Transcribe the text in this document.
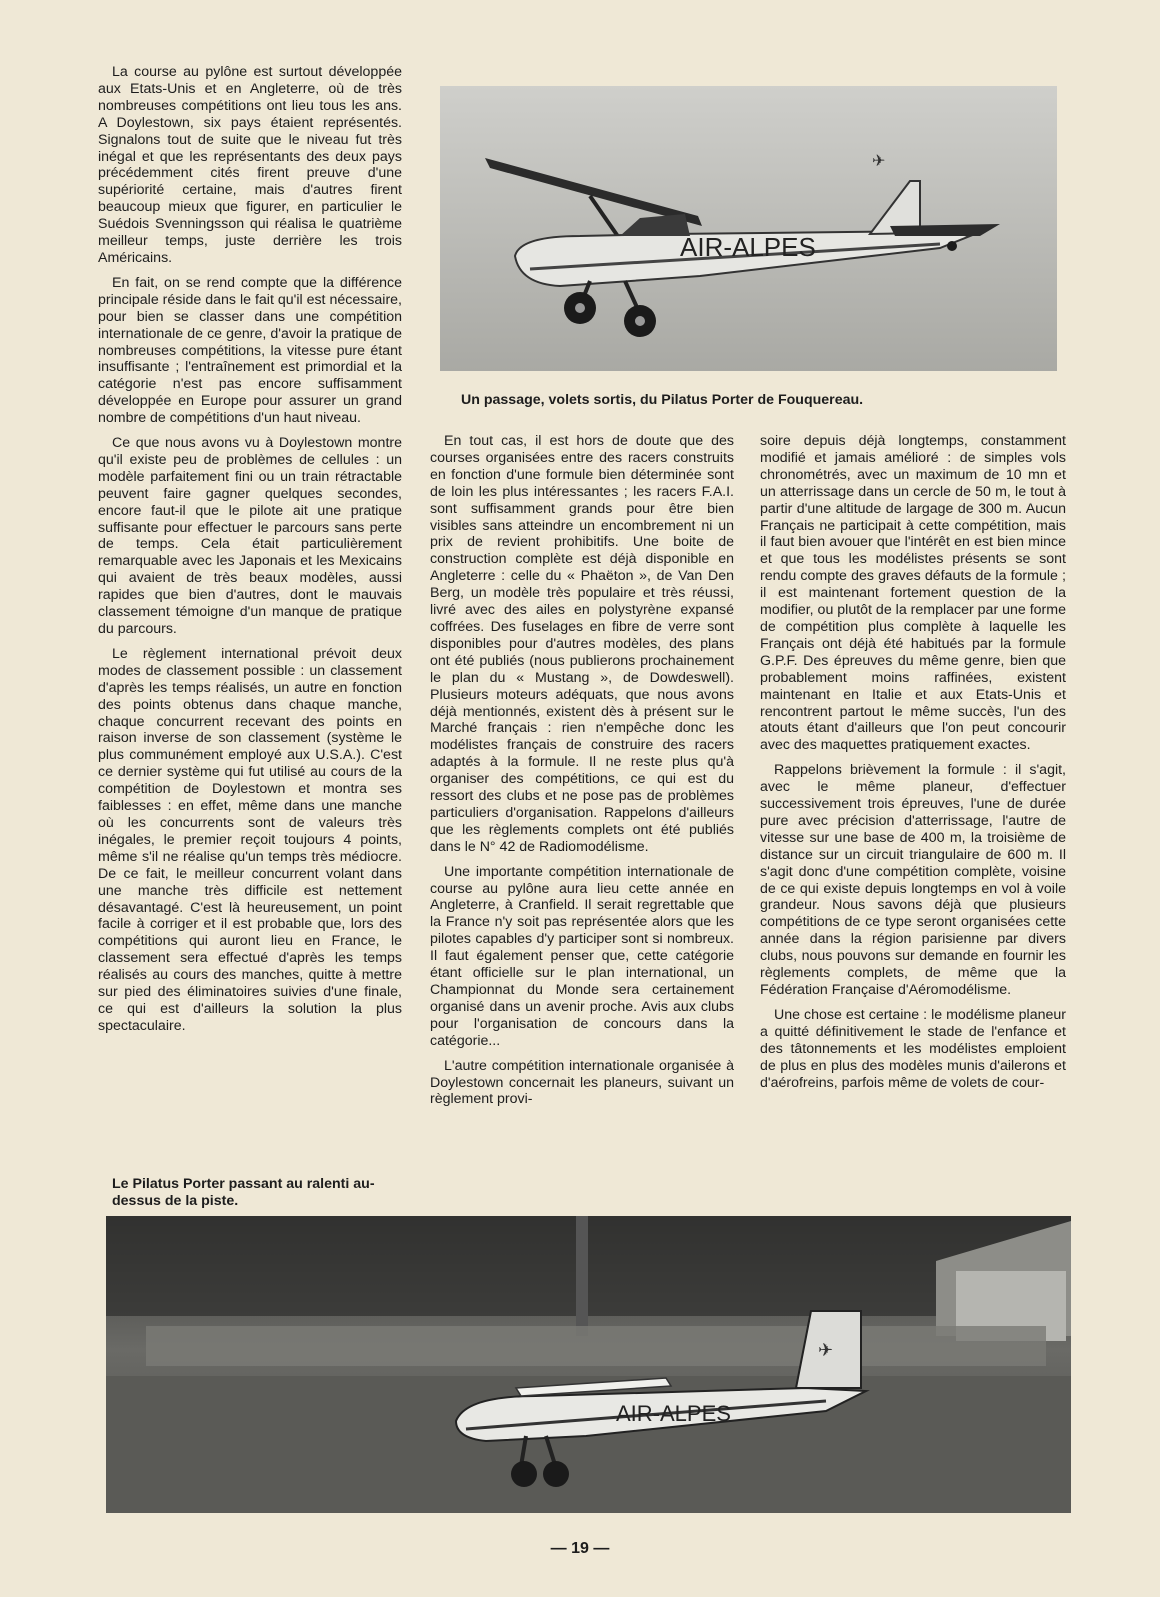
La course au pylône est surtout développée aux Etats-Unis et en Angleterre, où de très nombreuses compétitions ont lieu tous les ans. A Doylestown, six pays étaient représentés. Signalons tout de suite que le niveau fut très inégal et que les représentants des deux pays précédemment cités firent preuve d'une supériorité certaine, mais d'autres firent beaucoup mieux que figurer, en particulier le Suédois Svenningsson qui réalisa le quatrième meilleur temps, juste derrière les trois Américains.

En fait, on se rend compte que la différence principale réside dans le fait qu'il est nécessaire, pour bien se classer dans une compétition internationale de ce genre, d'avoir la pratique de nombreuses compétitions, la vitesse pure étant insuffisante ; l'entraînement est primordial et la catégorie n'est pas encore suffisamment développée en Europe pour assurer un grand nombre de compétitions d'un haut niveau.

Ce que nous avons vu à Doylestown montre qu'il existe peu de problèmes de cellules : un modèle parfaitement fini ou un train rétractable peuvent faire gagner quelques secondes, encore faut-il que le pilote ait une pratique suffisante pour effectuer le parcours sans perte de temps. Cela était particulièrement remarquable avec les Japonais et les Mexicains qui avaient de très beaux modèles, aussi rapides que bien d'autres, dont le mauvais classement témoigne d'un manque de pratique du parcours.

Le règlement international prévoit deux modes de classement possible : un classement d'après les temps réalisés, un autre en fonction des points obtenus dans chaque manche, chaque concurrent recevant des points en raison inverse de son classement (système le plus communément employé aux U.S.A.). C'est ce dernier système qui fut utilisé au cours de la compétition de Doylestown et montra ses faiblesses : en effet, même dans une manche où les concurrents sont de valeurs très inégales, le premier reçoit toujours 4 points, même s'il ne réalise qu'un temps très médiocre. De ce fait, le meilleur concurrent volant dans une manche très difficile est nettement désavantagé. C'est là heureusement, un point facile à corriger et il est probable que, lors des compétitions qui auront lieu en France, le classement sera effectué d'après les temps réalisés au cours des manches, quitte à mettre sur pied des éliminatoires suivies d'une finale, ce qui est d'ailleurs la solution la plus spectaculaire.

✈
AIR-ALPES

Un passage, volets sortis, du Pilatus Porter de Fouquereau.

En tout cas, il est hors de doute que des courses organisées entre des racers construits en fonction d'une formule bien déterminée sont de loin les plus intéressantes ; les racers F.A.I. sont suffisamment grands pour être bien visibles sans atteindre un encombrement ni un prix de revient prohibitifs. Une boite de construction complète est déjà disponible en Angleterre : celle du « Phaëton », de Van Den Berg, un modèle très populaire et très réussi, livré avec des ailes en polystyrène expansé coffrées. Des fuselages en fibre de verre sont disponibles pour d'autres modèles, des plans ont été publiés (nous publierons prochainement le plan du « Mustang », de Dowdeswell). Plusieurs moteurs adéquats, que nous avons déjà mentionnés, existent dès à présent sur le Marché français : rien n'empêche donc les modélistes français de construire des racers adaptés à la formule. Il ne reste plus qu'à organiser des compétitions, ce qui est du ressort des clubs et ne pose pas de problèmes particuliers d'organisation. Rappelons d'ailleurs que les règlements complets ont été publiés dans le N° 42 de Radiomodélisme.

Une importante compétition internationale de course au pylône aura lieu cette année en Angleterre, à Cranfield. Il serait regrettable que la France n'y soit pas représentée alors que les pilotes capables d'y participer sont si nombreux. Il faut également penser que, cette catégorie étant officielle sur le plan international, un Championnat du Monde sera certainement organisé dans un avenir proche. Avis aux clubs pour l'organisation de concours dans la catégorie...

L'autre compétition internationale organisée à Doylestown concernait les planeurs, suivant un règlement provi-

soire depuis déjà longtemps, constamment modifié et jamais amélioré : de simples vols chronométrés, avec un maximum de 10 mn et un atterrissage dans un cercle de 50 m, le tout à partir d'une altitude de largage de 300 m. Aucun Français ne participait à cette compétition, mais il faut bien avouer que l'intérêt en est bien mince et que tous les modélistes présents se sont rendu compte des graves défauts de la formule ; il est maintenant fortement question de la modifier, ou plutôt de la remplacer par une forme de compétition plus complète à laquelle les Français ont déjà été habitués par la formule G.P.F. Des épreuves du même genre, bien que probablement moins raffinées, existent maintenant en Italie et aux Etats-Unis et rencontrent partout le même succès, l'un des atouts étant d'ailleurs que l'on peut concourir avec des maquettes pratiquement exactes.

Rappelons brièvement la formule : il s'agit, avec le même planeur, d'effectuer successivement trois épreuves, l'une de durée pure avec précision d'atterrissage, l'autre de vitesse sur une base de 400 m, la troisième de distance sur un circuit triangulaire de 600 m. Il s'agit donc d'une compétition complète, voisine de ce qui existe depuis longtemps en vol à voile grandeur. Nous savons déjà que plusieurs compétitions de ce type seront organisées cette année dans la région parisienne par divers clubs, nous pouvons sur demande en fournir les règlements complets, de même que la Fédération Française d'Aéromodélisme.

Une chose est certaine : le modélisme planeur a quitté définitivement le stade de l'enfance et des tâtonnements et les modélistes emploient de plus en plus des modèles munis d'ailerons et d'aérofreins, parfois même de volets de cour-

Le Pilatus Porter passant au ralenti au-dessus de la piste.

✈
AIR-ALPES
— 19 —
